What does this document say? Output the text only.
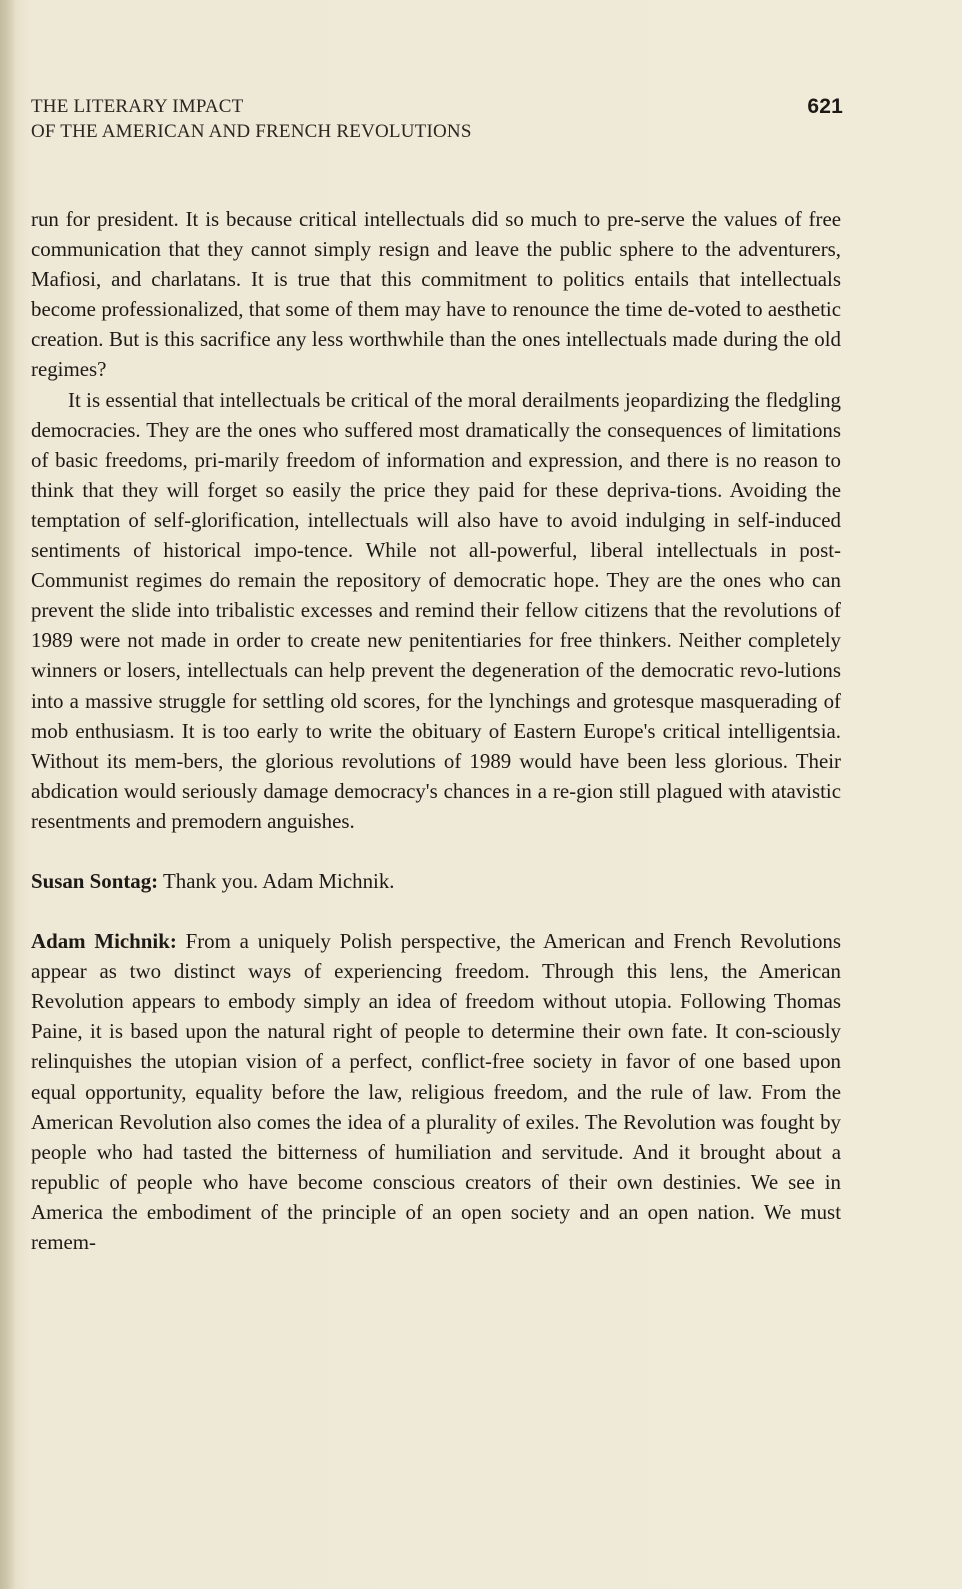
THE LITERARY IMPACT
OF THE AMERICAN AND FRENCH REVOLUTIONS
621

run for president. It is because critical intellectuals did so much to pre-serve the values of free communication that they cannot simply resign and leave the public sphere to the adventurers, Mafiosi, and charlatans. It is true that this commitment to politics entails that intellectuals become professionalized, that some of them may have to renounce the time de-voted to aesthetic creation. But is this sacrifice any less worthwhile than the ones intellectuals made during the old regimes?

It is essential that intellectuals be critical of the moral derailments jeopardizing the fledgling democracies. They are the ones who suffered most dramatically the consequences of limitations of basic freedoms, pri-marily freedom of information and expression, and there is no reason to think that they will forget so easily the price they paid for these depriva-tions. Avoiding the temptation of self-glorification, intellectuals will also have to avoid indulging in self-induced sentiments of historical impo-tence. While not all-powerful, liberal intellectuals in post-Communist regimes do remain the repository of democratic hope. They are the ones who can prevent the slide into tribalistic excesses and remind their fellow citizens that the revolutions of 1989 were not made in order to create new penitentiaries for free thinkers. Neither completely winners or losers, intellectuals can help prevent the degeneration of the democratic revo-lutions into a massive struggle for settling old scores, for the lynchings and grotesque masquerading of mob enthusiasm. It is too early to write the obituary of Eastern Europe's critical intelligentsia. Without its mem-bers, the glorious revolutions of 1989 would have been less glorious. Their abdication would seriously damage democracy's chances in a re-gion still plagued with atavistic resentments and premodern anguishes.

Susan Sontag: Thank you. Adam Michnik.

Adam Michnik: From a uniquely Polish perspective, the American and French Revolutions appear as two distinct ways of experiencing freedom. Through this lens, the American Revolution appears to embody simply an idea of freedom without utopia. Following Thomas Paine, it is based upon the natural right of people to determine their own fate. It con-sciously relinquishes the utopian vision of a perfect, conflict-free society in favor of one based upon equal opportunity, equality before the law, religious freedom, and the rule of law. From the American Revolution also comes the idea of a plurality of exiles. The Revolution was fought by people who had tasted the bitterness of humiliation and servitude. And it brought about a republic of people who have become conscious creators of their own destinies. We see in America the embodiment of the principle of an open society and an open nation. We must remem-
